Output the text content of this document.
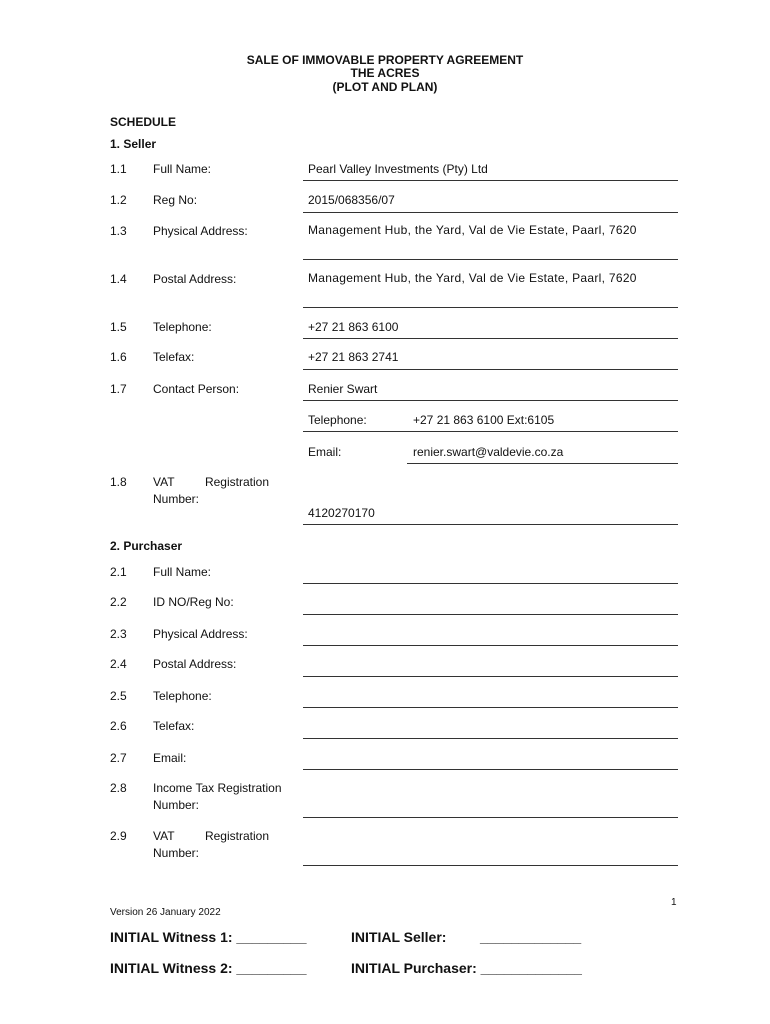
SALE OF IMMOVABLE PROPERTY AGREEMENT
THE ACRES
(PLOT AND PLAN)
SCHEDULE
1. Seller
1.1 Full Name:	Pearl Valley Investments (Pty) Ltd
1.2 Reg No:	2015/068356/07
1.3 Physical Address:	Management Hub, the Yard, Val de Vie Estate, Paarl, 7620
1.4 Postal Address:	Management Hub, the Yard, Val de Vie Estate, Paarl, 7620
1.5 Telephone:	+27 21 863 6100
1.6 Telefax:	+27 21 863 2741
1.7 Contact Person:	Renier Swart
Telephone:	+27 21 863 6100 Ext:6105
Email:	renier.swart@valdevie.co.za
1.8 VAT Registration Number:
4120270170
2. Purchaser
2.1 Full Name:
2.2 ID NO/Reg No:
2.3 Physical Address:
2.4 Postal Address:
2.5 Telephone:
2.6 Telefax:
2.7 Email:
2.8 Income Tax Registration Number:
2.9 VAT Registration Number:
1
Version 26 January 2022
INITIAL Witness 1: _________	INITIAL Seller: _____________
INITIAL Witness 2: _________	INITIAL Purchaser: _____________
